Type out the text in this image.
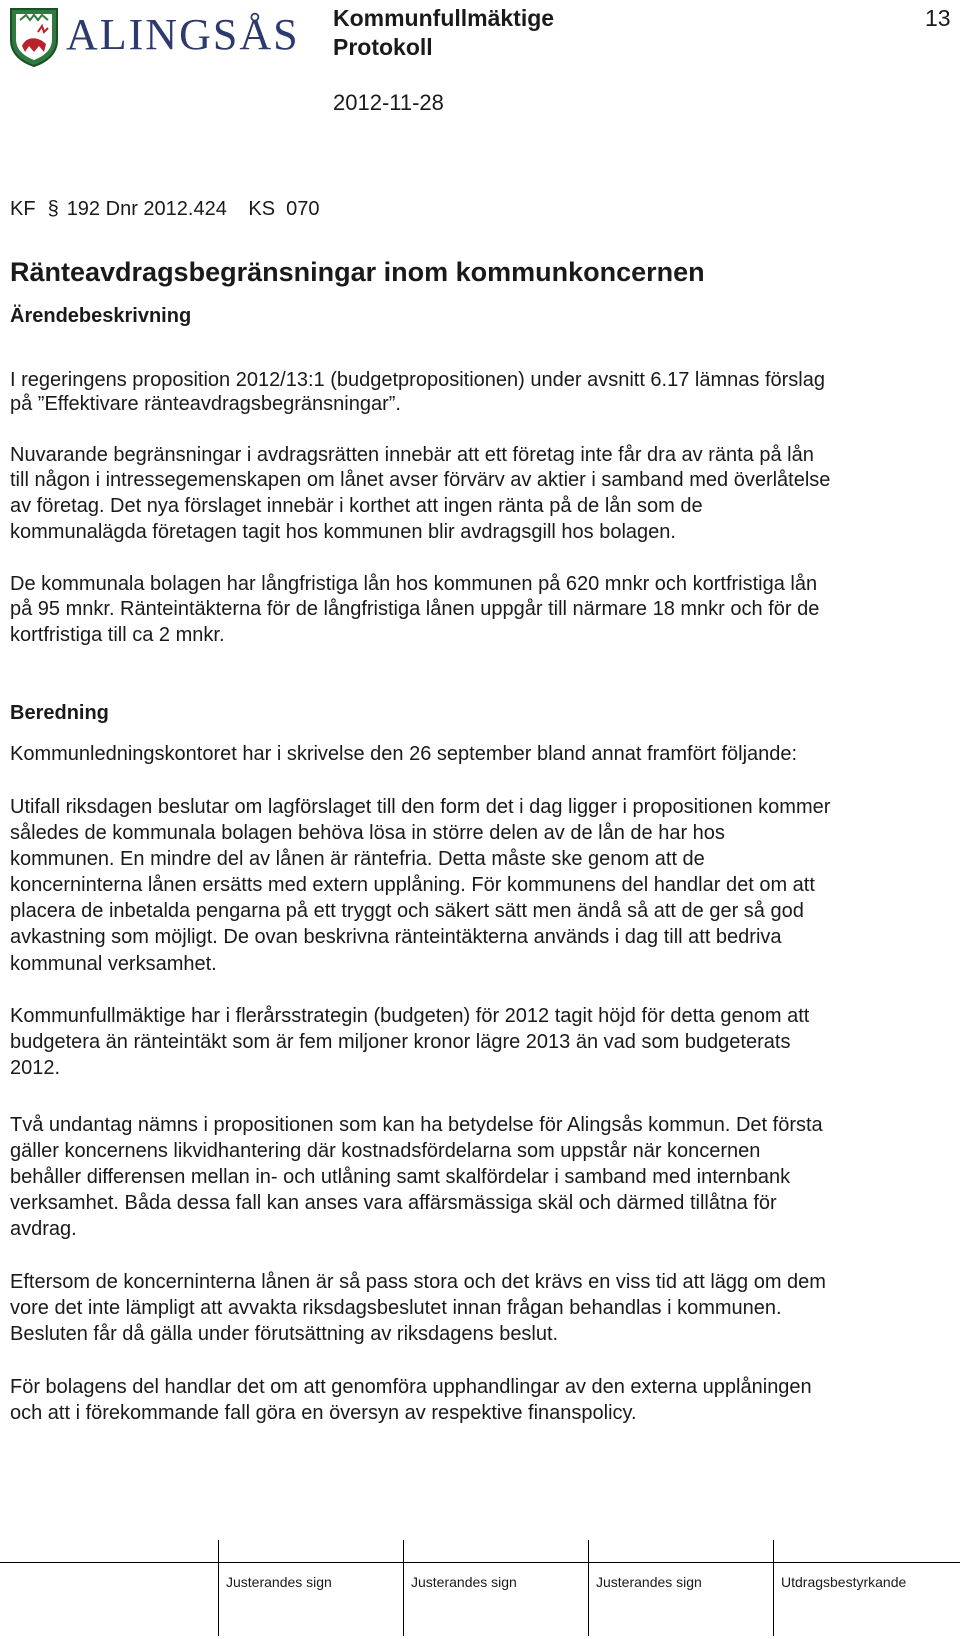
ALINGSÅS Kommunfullmäktige
Protokoll
13
2012-11-28
KF § 192 Dnr 2012.424 KS  070
Ränteavdragsbegränsningar inom kommunkoncernen
Ärendebeskrivning
I regeringens proposition 2012/13:1 (budgetpropositionen) under avsnitt 6.17 lämnas förslag
på ”Effektivare ränteavdragsbegränsningar”.
Nuvarande begränsningar i avdragsrätten innebär att ett företag inte får dra av ränta på lån
till någon i intressegemenskapen om lånet avser förvärv av aktier i samband med överlåtelse
av företag. Det nya förslaget innebär i korthet att ingen ränta på de lån som de
kommunalägda företagen tagit hos kommunen blir avdragsgill hos bolagen.
De kommunala bolagen har långfristiga lån hos kommunen på 620 mnkr och kortfristiga lån
på 95 mnkr. Ränteintäkterna för de långfristiga lånen uppgår till närmare 18 mnkr och för de
kortfristiga till ca 2 mnkr.
Beredning
Kommunledningskontoret har i skrivelse den 26 september bland annat framfört följande:
Utifall riksdagen beslutar om lagförslaget till den form det i dag ligger i propositionen kommer
således de kommunala bolagen behöva lösa in större delen av de lån de har hos
kommunen. En mindre del av lånen är räntefria. Detta måste ske genom att de
koncerninterna lånen ersätts med extern upplåning. För kommunens del handlar det om att
placera de inbetalda pengarna på ett tryggt och säkert sätt men ändå så att de ger så god
avkastning som möjligt. De ovan beskrivna ränteintäkterna används i dag till att bedriva
kommunal verksamhet.
Kommunfullmäktige har i flerårsstrategin (budgeten) för 2012 tagit höjd för detta genom att
budgetera än ränteintäkt som är fem miljoner kronor lägre 2013 än vad som budgeterats
2012.
Två undantag nämns i propositionen som kan ha betydelse för Alingsås kommun. Det första
gäller koncernens likvidhantering där kostnadsfördelarna som uppstår när koncernen
behåller differensen mellan in- och utlåning samt skalfördelar i samband med internbank
verksamhet. Båda dessa fall kan anses vara affärsmässiga skäl och därmed tillåtna för
avdrag.
Eftersom de koncerninterna lånen är så pass stora och det krävs en viss tid att lägg om dem
vore det inte lämpligt att avvakta riksdagsbeslutet innan frågan behandlas i kommunen.
Besluten får då gälla under förutsättning av riksdagens beslut.
För bolagens del handlar det om att genomföra upphandlingar av den externa upplåningen
och att i förekommande fall göra en översyn av respektive finanspolicy.
Justerandes sign	Justerandes sign	Justerandes sign	Utdragsbestyrkande
